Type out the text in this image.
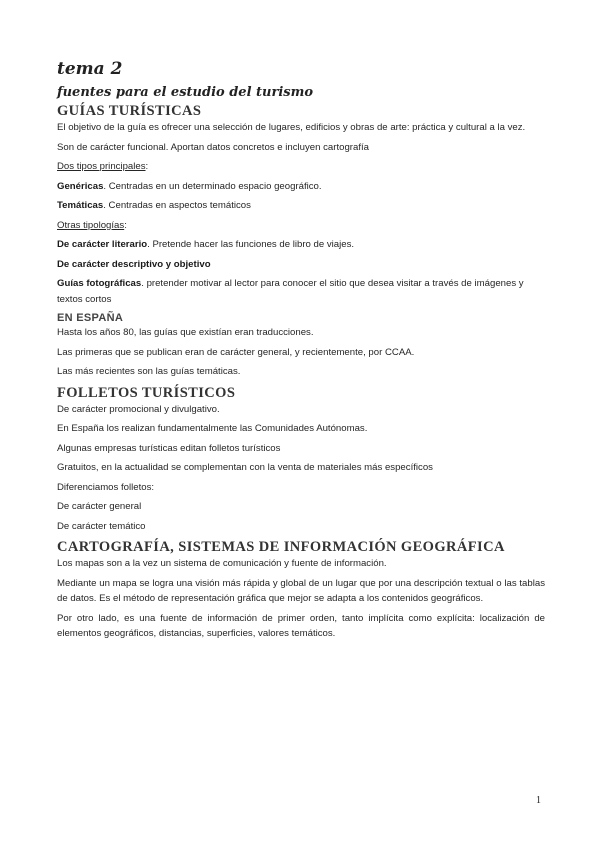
tema 2
fuentes para el estudio del turismo
GUÍAS TURÍSTICAS

El objetivo de la guía es ofrecer una selección de lugares, edificios y obras de arte: práctica y cultural a la vez.

Son de carácter funcional. Aportan datos concretos e incluyen cartografía

Dos tipos principales:

Genéricas. Centradas en un determinado espacio geográfico.

Temáticas. Centradas en aspectos temáticos

Otras tipologías:

De carácter literario. Pretende hacer las funciones de libro de viajes.

De carácter descriptivo y objetivo

Guías fotográficas. pretender motivar al lector para conocer el sitio que desea visitar a través de imágenes y textos cortos

EN ESPAÑA

Hasta los años 80, las guías que existían eran traducciones.

Las primeras que se publican eran de carácter general, y recientemente, por CCAA.

Las más recientes son las guías temáticas.

FOLLETOS TURÍSTICOS

De carácter promocional y divulgativo.

En España los realizan fundamentalmente las Comunidades Autónomas.

Algunas empresas turísticas editan folletos turísticos

Gratuitos, en la actualidad se complementan con la venta de materiales más específicos

Diferenciamos folletos:

De carácter general

De carácter temático

CARTOGRAFÍA, SISTEMAS DE INFORMACIÓN GEOGRÁFICA

Los mapas son a la vez un sistema de comunicación y fuente de información.

Mediante un mapa se logra una visión más rápida y global de un lugar que por una descripción textual o las tablas de datos. Es el método de representación gráfica que mejor se adapta a los contenidos geográficos.

Por otro lado, es una fuente de información de primer orden, tanto implícita como explícita: localización de elementos geográficos, distancias, superficies, valores temáticos.

1
